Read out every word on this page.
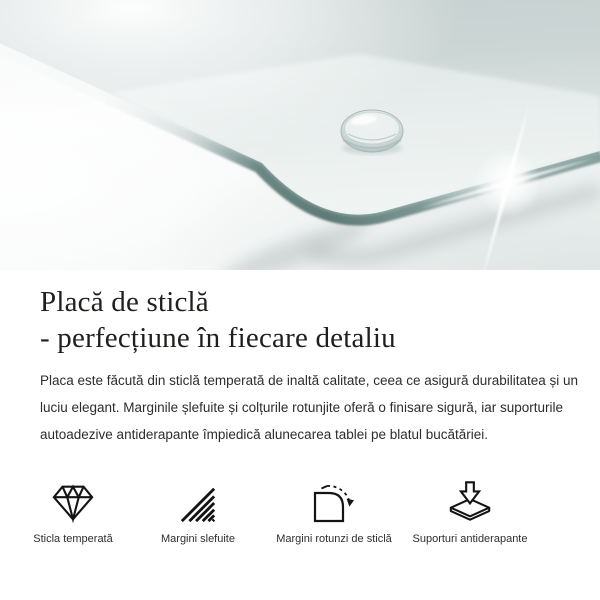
Placă de sticlă
- perfecțiune în fiecare detaliu

Placa este făcută din sticlă temperată de inaltă calitate, ceea ce asigură durabilitatea și un luciu elegant. Marginile șlefuite și colțurile rotunjite oferă o finisare sigură, iar suporturile autoadezive antiderapante împiedică alunecarea tablei pe blatul bucătăriei.

Sticla temperată	Margini slefuite	Margini rotunzi de sticlă	Suporturi antiderapante
